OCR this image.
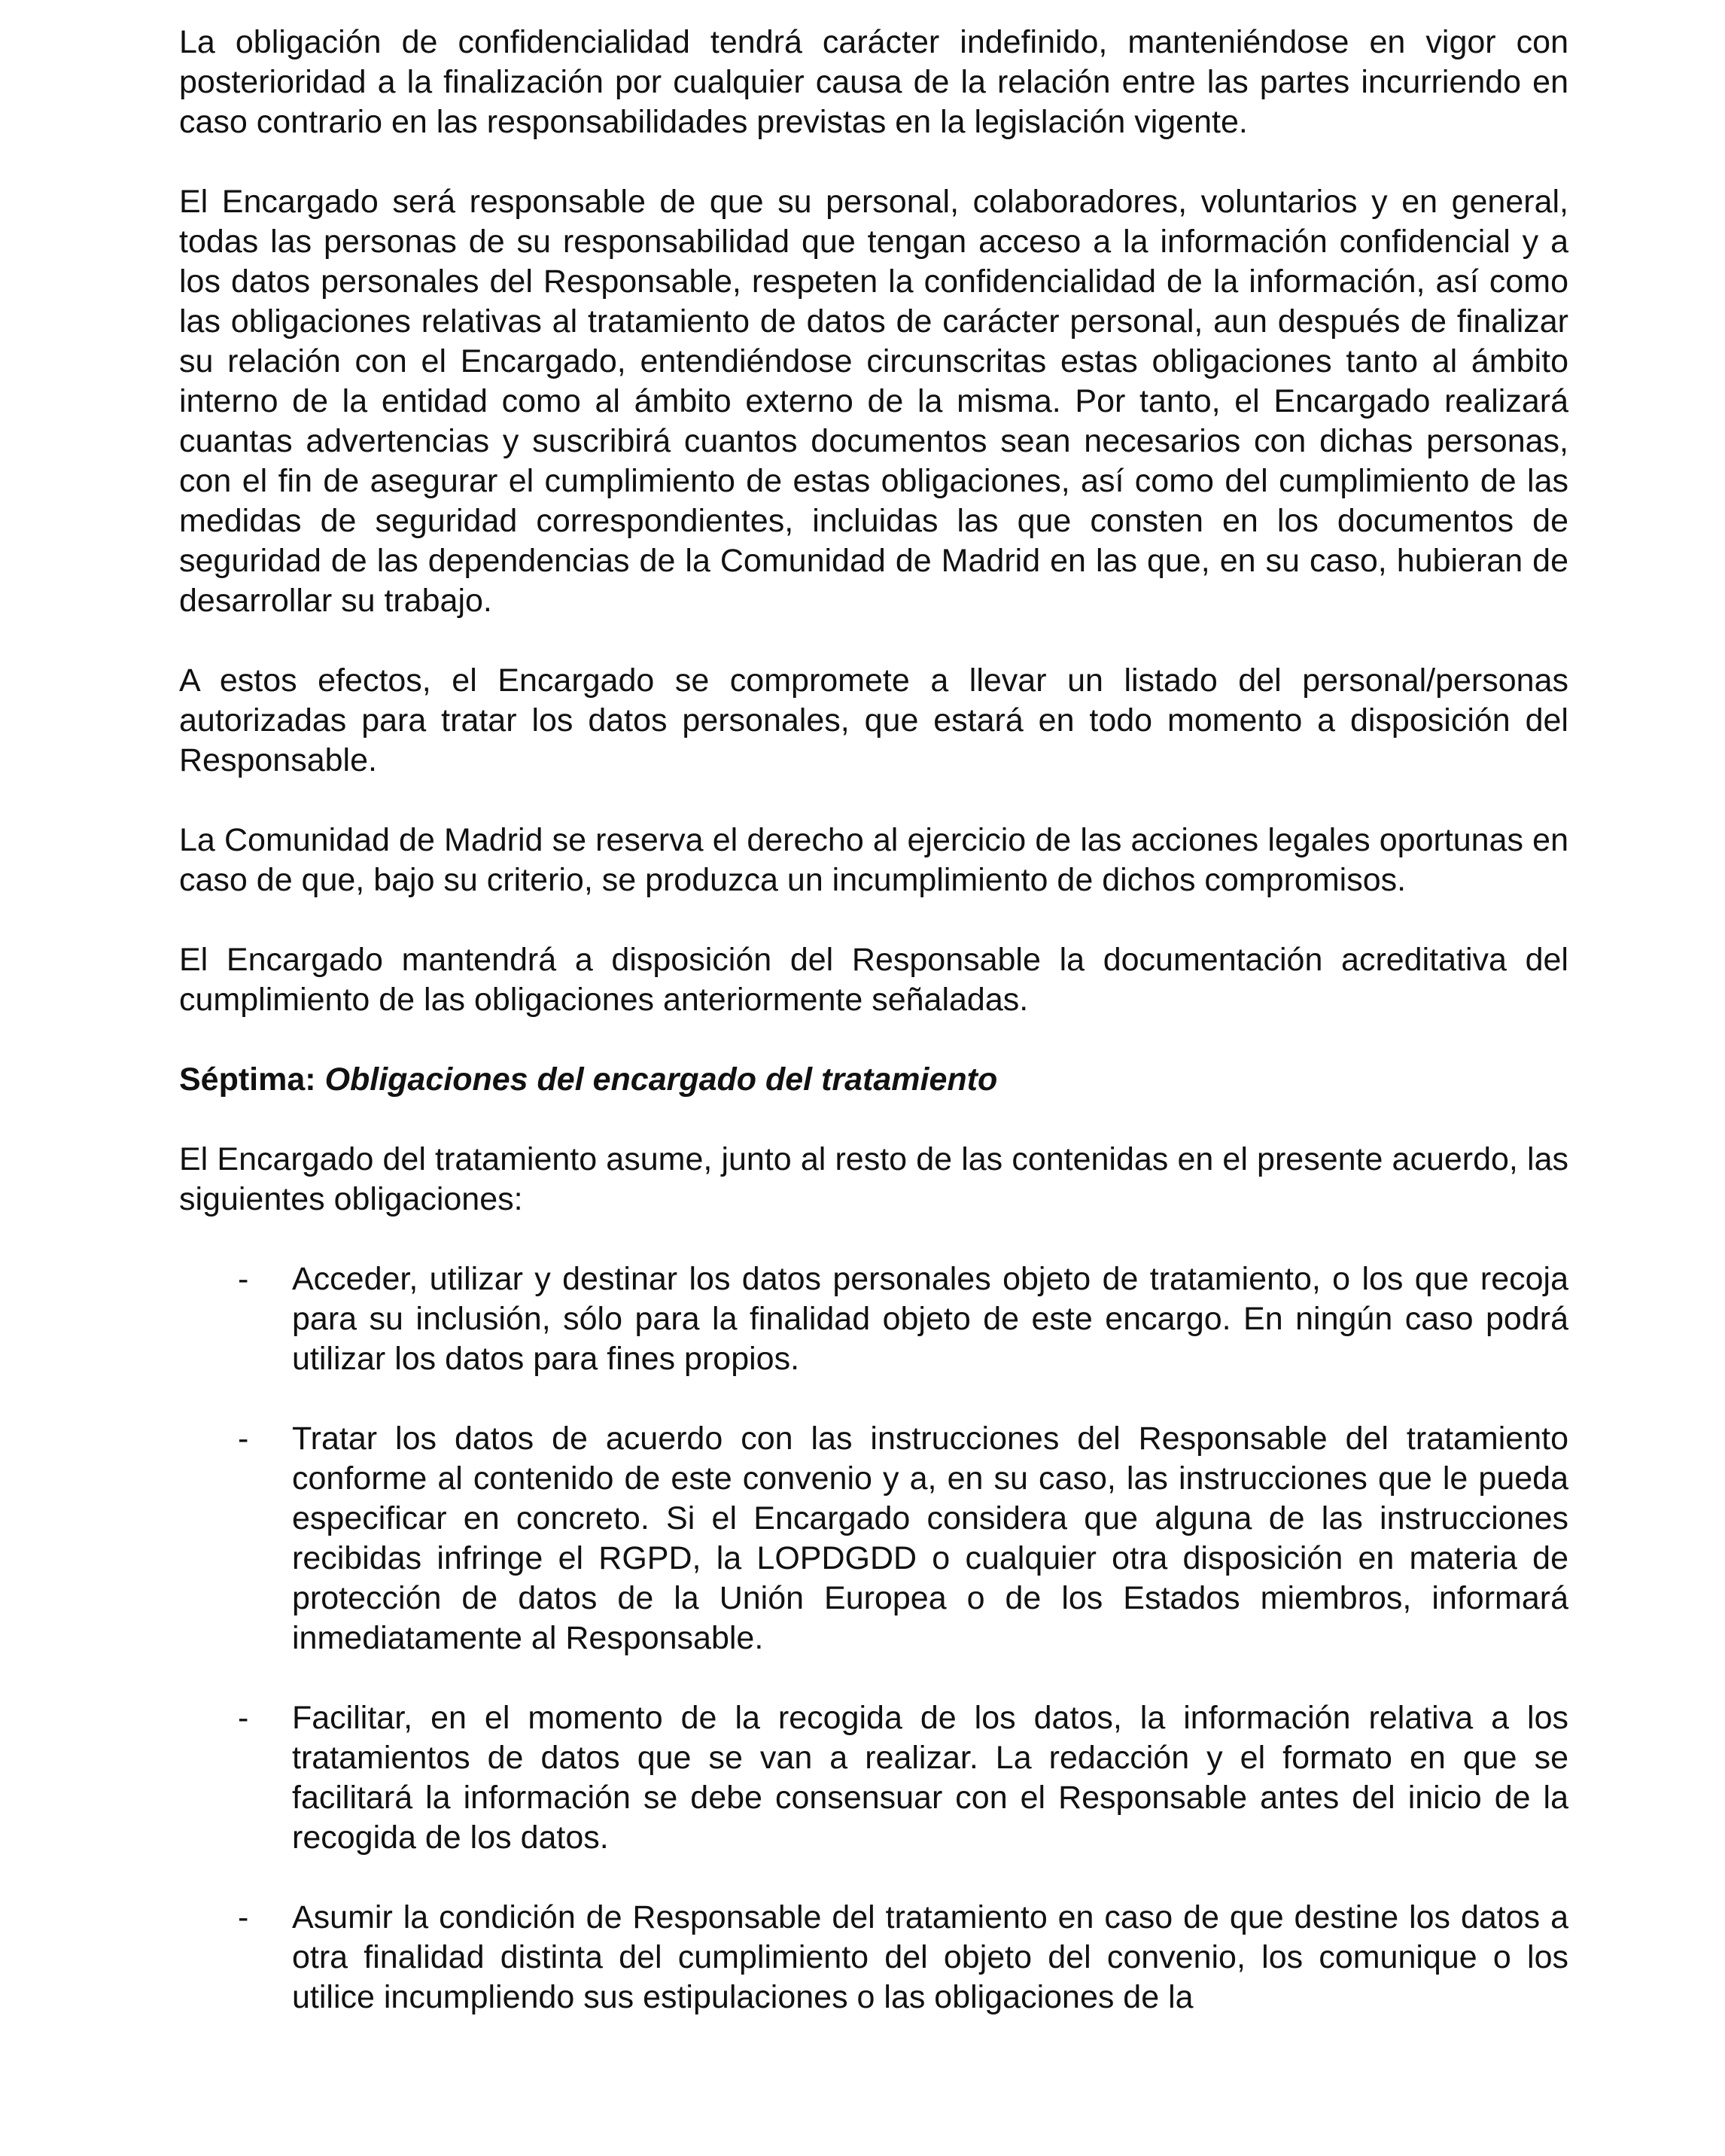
La obligación de confidencialidad tendrá carácter indefinido, manteniéndose en vigor con posterioridad a la finalización por cualquier causa de la relación entre las partes incurriendo en caso contrario en las responsabilidades previstas en la legislación vigente.

El Encargado será responsable de que su personal, colaboradores, voluntarios y en general, todas las personas de su responsabilidad que tengan acceso a la información confidencial y a los datos personales del Responsable, respeten la confidencialidad de la información, así como las obligaciones relativas al tratamiento de datos de carácter personal, aun después de finalizar su relación con el Encargado, entendiéndose circunscritas estas obligaciones tanto al ámbito interno de la entidad como al ámbito externo de la misma. Por tanto, el Encargado realizará cuantas advertencias y suscribirá cuantos documentos sean necesarios con dichas personas, con el fin de asegurar el cumplimiento de estas obligaciones, así como del cumplimiento de las medidas de seguridad correspondientes, incluidas las que consten en los documentos de seguridad de las dependencias de la Comunidad de Madrid en las que, en su caso, hubieran de desarrollar su trabajo.

A estos efectos, el Encargado se compromete a llevar un listado del personal/personas autorizadas para tratar los datos personales, que estará en todo momento a disposición del Responsable.

La Comunidad de Madrid se reserva el derecho al ejercicio de las acciones legales oportunas en caso de que, bajo su criterio, se produzca un incumplimiento de dichos compromisos.

El Encargado mantendrá a disposición del Responsable la documentación acreditativa del cumplimiento de las obligaciones anteriormente señaladas.

Séptima: Obligaciones del encargado del tratamiento

El Encargado del tratamiento asume, junto al resto de las contenidas en el presente acuerdo, las siguientes obligaciones:

- Acceder, utilizar y destinar los datos personales objeto de tratamiento, o los que recoja para su inclusión, sólo para la finalidad objeto de este encargo. En ningún caso podrá utilizar los datos para fines propios.
- Tratar los datos de acuerdo con las instrucciones del Responsable del tratamiento conforme al contenido de este convenio y a, en su caso, las instrucciones que le pueda especificar en concreto. Si el Encargado considera que alguna de las instrucciones recibidas infringe el RGPD, la LOPDGDD o cualquier otra disposición en materia de protección de datos de la Unión Europea o de los Estados miembros, informará inmediatamente al Responsable.
- Facilitar, en el momento de la recogida de los datos, la información relativa a los tratamientos de datos que se van a realizar. La redacción y el formato en que se facilitará la información se debe consensuar con el Responsable antes del inicio de la recogida de los datos.
- Asumir la condición de Responsable del tratamiento en caso de que destine los datos a otra finalidad distinta del cumplimiento del objeto del convenio, los comunique o los utilice incumpliendo sus estipulaciones o las obligaciones de la
